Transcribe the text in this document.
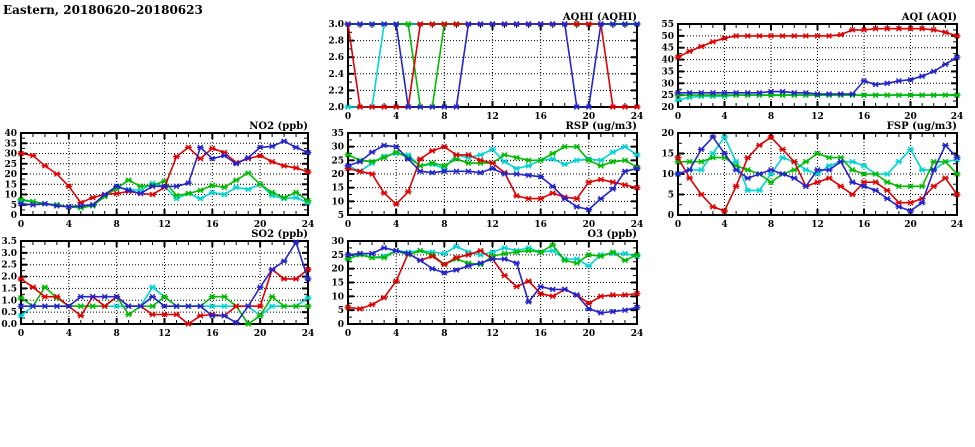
Eastern, 20180620–20180623
2.0
2.2
2.4
2.6
2.8
3.0
0	4	8	12	16	20	24
AQHI (AQHI)
20
25
30
35
40
45
50
55
0	4	8	12	16	20	24
AQI (AQI)
0
5
10
15
20
25
30
35
40
0	4	8	12	16	20	24
NO2 (ppb)
5
10
15
20
25
30
35
0	4	8	12	16	20	24
RSP (ug/m3)
0
5
10
15
20
0	4	8	12	16	20	24
FSP (ug/m3)
0.0
0.5
1.0
1.5
2.0
2.5
3.0
3.5
0	4	8	12	16	20	24
SO2 (ppb)
0
5
10
15
20
25
30
0	4	8	12	16	20	24
O3 (ppb)
